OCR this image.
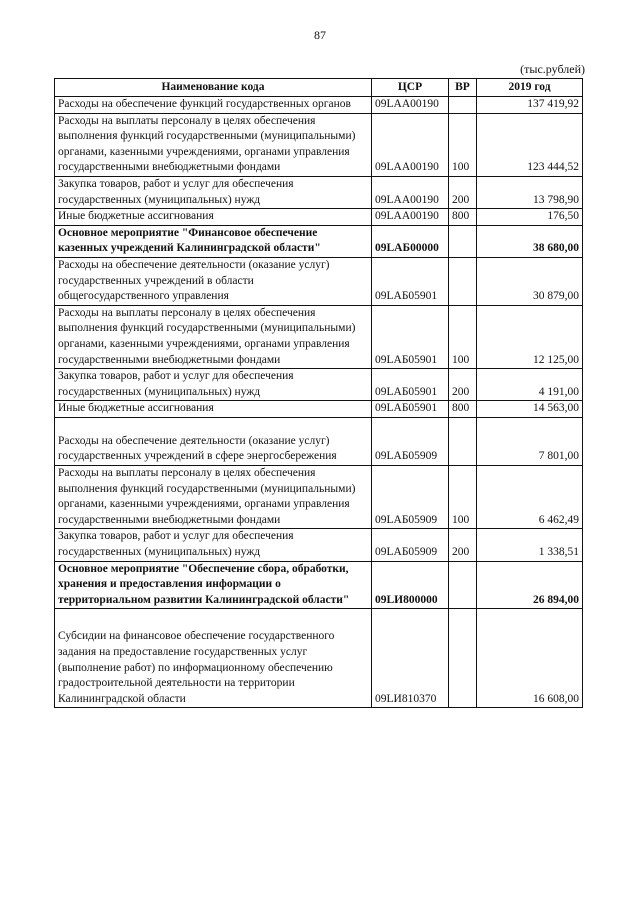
87
(тыс.рублей)
Наименование кода	ЦСР	ВР	2019 год
Расходы на обеспечение функций государственных органов	09LAA00190		137 419,92
Расходы на выплаты персоналу в целях обеспечения выполнения функций государственными (муниципальными) органами, казенными учреждениями, органами управления государственными внебюджетными фондами	09LAA00190	100	123 444,52
Закупка товаров, работ и услуг для обеспечения государственных (муниципальных) нужд	09LAA00190	200	13 798,90
Иные бюджетные ассигнования	09LAA00190	800	176,50
Основное мероприятие "Финансовое обеспечение казенных учреждений Калининградской области"	09LAБ00000		38 680,00
Расходы на обеспечение деятельности (оказание услуг) государственных учреждений в области общегосударственного управления	09LAБ05901		30 879,00
Расходы на выплаты персоналу в целях обеспечения выполнения функций государственными (муниципальными) органами, казенными учреждениями, органами управления государственными внебюджетными фондами	09LAБ05901	100	12 125,00
Закупка товаров, работ и услуг для обеспечения государственных (муниципальных) нужд	09LAБ05901	200	4 191,00
Иные бюджетные ассигнования	09LAБ05901	800	14 563,00
Расходы на обеспечение деятельности (оказание услуг) государственных учреждений в сфере энергосбережения	09LAБ05909		7 801,00
Расходы на выплаты персоналу в целях обеспечения выполнения функций государственными (муниципальными) органами, казенными учреждениями, органами управления государственными внебюджетными фондами	09LAБ05909	100	6 462,49
Закупка товаров, работ и услуг для обеспечения государственных (муниципальных) нужд	09LAБ05909	200	1 338,51
Основное мероприятие "Обеспечение сбора, обработки, хранения и предоставления информации о территориальном развитии Калининградской области"	09LИ800000		26 894,00
Субсидии на финансовое обеспечение государственного задания на предоставление государственных услуг (выполнение работ) по информационному обеспечению градостроительной деятельности на территории Калининградской области	09LИ810370		16 608,00
